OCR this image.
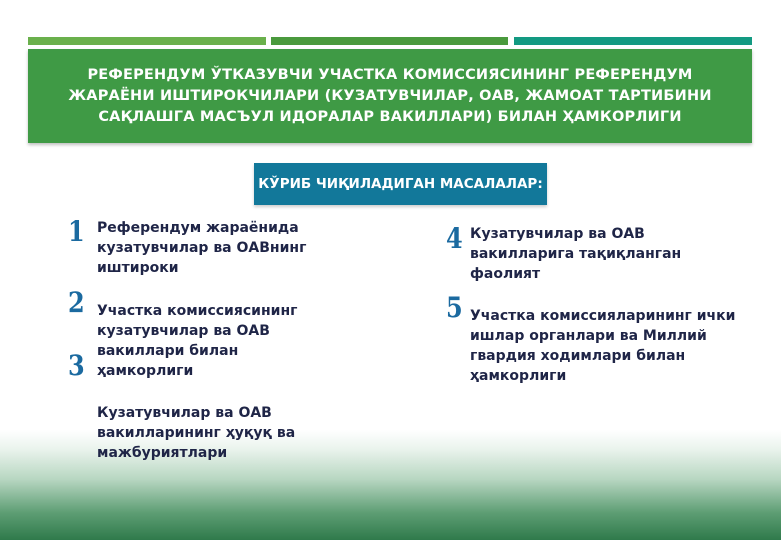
РЕФЕРЕНДУМ ЎТКАЗУВЧИ УЧАСТКА КОМИССИЯСИНИНГ РЕФЕРЕНДУМ ЖАРАЁНИ ИШТИРОКЧИЛАРИ (КУЗАТУВЧИЛАР, ОАВ, ЖАМОАТ ТАРТИБИНИ САҚЛАШГА МАСЪУЛ ИДОРАЛАР ВАКИЛЛАРИ) БИЛАН ҲАМКОРЛИГИ
КЎРИБ ЧИҚИЛАДИГАН МАСАЛАЛАР:
1 Референдум жараёнида кузатувчилар ва ОАВнинг иштироки

2 Участка комиссиясининг кузатувчилар ва ОАВ вакиллари билан ҳамкорлиги

3

Кузатувчилар ва ОАВ вакилларининг ҳуқуқ ва мажбуриятлари

4 Кузатувчилар ва ОАВ вакилларига тақиқланган фаолият

5 Участка комиссияларининг ички ишлар органлари ва Миллий гвардия ходимлари билан ҳамкорлиги
